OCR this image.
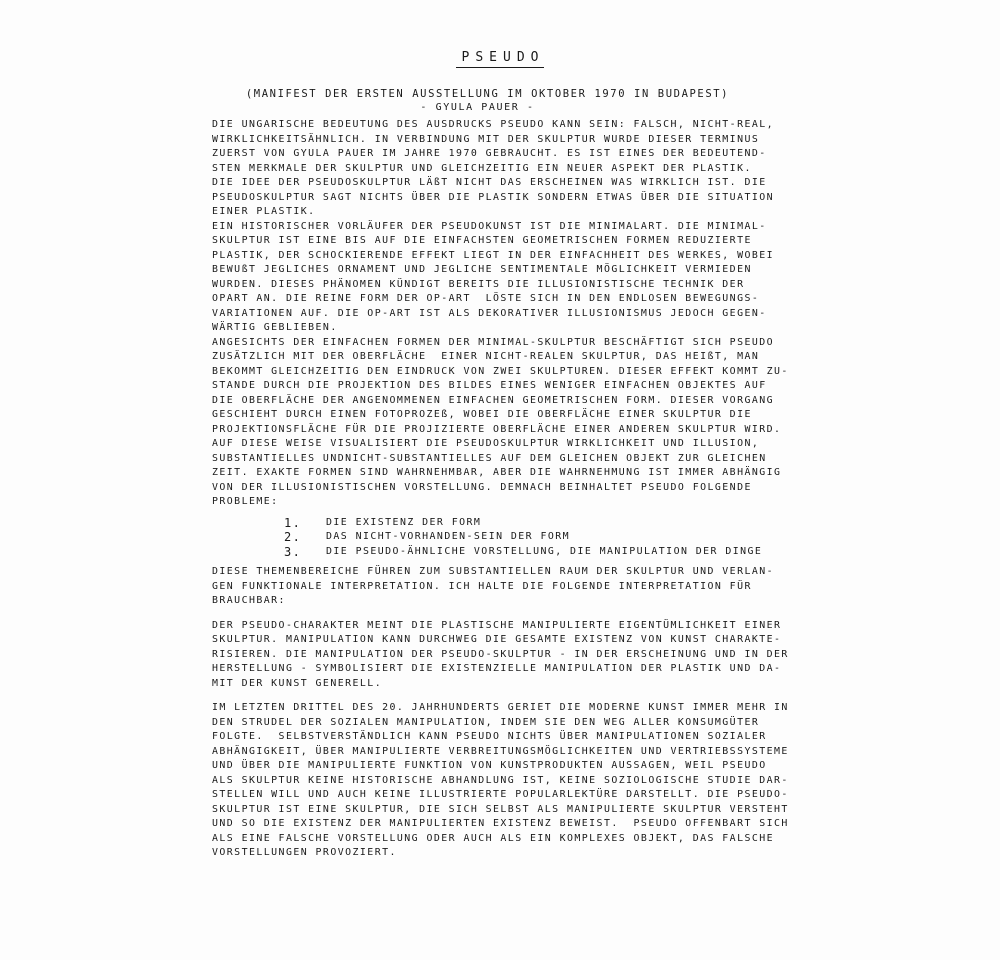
PSEUDO
(MANIFEST DER ERSTEN AUSSTELLUNG IM OKTOBER 1970 IN BUDAPEST)
- GYULA PAUER -
DIE UNGARISCHE BEDEUTUNG DES AUSDRUCKS PSEUDO KANN SEIN: FALSCH, NICHT-REAL,
WIRKLICHKEITSÄHNLICH. IN VERBINDUNG MIT DER SKULPTUR WURDE DIESER TERMINUS
ZUERST VON GYULA PAUER IM JAHRE 1970 GEBRAUCHT. ES IST EINES DER BEDEUTEND-
STEN MERKMALE DER SKULPTUR UND GLEICHZEITIG EIN NEUER ASPEKT DER PLASTIK.
DIE IDEE DER PSEUDOSKULPTUR LÄßT NICHT DAS ERSCHEINEN WAS WIRKLICH IST. DIE
PSEUDOSKULPTUR SAGT NICHTS ÜBER DIE PLASTIK SONDERN ETWAS ÜBER DIE SITUATION
EINER PLASTIK.
EIN HISTORISCHER VORLÄUFER DER PSEUDOKUNST IST DIE MINIMALART. DIE MINIMAL-
SKULPTUR IST EINE BIS AUF DIE EINFACHSTEN GEOMETRISCHEN FORMEN REDUZIERTE
PLASTIK, DER SCHOCKIERENDE EFFEKT LIEGT IN DER EINFACHHEIT DES WERKES, WOBEI
BEWUßT JEGLICHES ORNAMENT UND JEGLICHE SENTIMENTALE MÖGLICHKEIT VERMIEDEN
WURDEN. DIESES PHÄNOMEN KÜNDIGT BEREITS DIE ILLUSIONISTISCHE TECHNIK DER
OPART AN. DIE REINE FORM DER OP-ART  LÖSTE SICH IN DEN ENDLOSEN BEWEGUNGS-
VARIATIONEN AUF. DIE OP-ART IST ALS DEKORATIVER ILLUSIONISMUS JEDOCH GEGEN-
WÄRTIG GEBLIEBEN.
ANGESICHTS DER EINFACHEN FORMEN DER MINIMAL-SKULPTUR BESCHÄFTIGT SICH PSEUDO
ZUSÄTZLICH MIT DER OBERFLÄCHE  EINER NICHT-REALEN SKULPTUR, DAS HEIßT, MAN
BEKOMMT GLEICHZEITIG DEN EINDRUCK VON ZWEI SKULPTUREN. DIESER EFFEKT KOMMT ZU-
STANDE DURCH DIE PROJEKTION DES BILDES EINES WENIGER EINFACHEN OBJEKTES AUF
DIE OBERFLÄCHE DER ANGENOMMENEN EINFACHEN GEOMETRISCHEN FORM. DIESER VORGANG
GESCHIEHT DURCH EINEN FOTOPROZEß, WOBEI DIE OBERFLÄCHE EINER SKULPTUR DIE
PROJEKTIONSFLÄCHE FÜR DIE PROJIZIERTE OBERFLÄCHE EINER ANDEREN SKULPTUR WIRD.
AUF DIESE WEISE VISUALISIERT DIE PSEUDOSKULPTUR WIRKLICHKEIT UND ILLUSION,
SUBSTANTIELLES UNDNICHT-SUBSTANTIELLES AUF DEM GLEICHEN OBJEKT ZUR GLEICHEN
ZEIT. EXAKTE FORMEN SIND WAHRNEHMBAR, ABER DIE WAHRNEHMUNG IST IMMER ABHÄNGIG
VON DER ILLUSIONISTISCHEN VORSTELLUNG. DEMNACH BEINHALTET PSEUDO FOLGENDE
PROBLEME:
1. DIE EXISTENZ DER FORM
2. DAS NICHT-VORHANDEN-SEIN DER FORM
3. DIE PSEUDO-ÄHNLICHE VORSTELLUNG, DIE MANIPULATION DER DINGE
DIESE THEMENBEREICHE FÜHREN ZUM SUBSTANTIELLEN RAUM DER SKULPTUR UND VERLAN-
GEN FUNKTIONALE INTERPRETATION. ICH HALTE DIE FOLGENDE INTERPRETATION FÜR
BRAUCHBAR:
DER PSEUDO-CHARAKTER MEINT DIE PLASTISCHE MANIPULIERTE EIGENTÜMLICHKEIT EINER
SKULPTUR. MANIPULATION KANN DURCHWEG DIE GESAMTE EXISTENZ VON KUNST CHARAKTE-
RISIEREN. DIE MANIPULATION DER PSEUDO-SKULPTUR - IN DER ERSCHEINUNG UND IN DER
HERSTELLUNG - SYMBOLISIERT DIE EXISTENZIELLE MANIPULATION DER PLASTIK UND DA-
MIT DER KUNST GENERELL.
IM LETZTEN DRITTEL DES 20. JAHRHUNDERTS GERIET DIE MODERNE KUNST IMMER MEHR IN
DEN STRUDEL DER SOZIALEN MANIPULATION, INDEM SIE DEN WEG ALLER KONSUMGÜTER
FOLGTE.  SELBSTVERSTÄNDLICH KANN PSEUDO NICHTS ÜBER MANIPULATIONEN SOZIALER
ABHÄNGIGKEIT, ÜBER MANIPULIERTE VERBREITUNGSMÖGLICHKEITEN UND VERTRIEBSSYSTEME
UND ÜBER DIE MANIPULIERTE FUNKTION VON KUNSTPRODUKTEN AUSSAGEN, WEIL PSEUDO
ALS SKULPTUR KEINE HISTORISCHE ABHANDLUNG IST, KEINE SOZIOLOGISCHE STUDIE DAR-
STELLEN WILL UND AUCH KEINE ILLUSTRIERTE POPULARLEKTÜRE DARSTELLT. DIE PSEUDO-
SKULPTUR IST EINE SKULPTUR, DIE SICH SELBST ALS MANIPULIERTE SKULPTUR VERSTEHT
UND SO DIE EXISTENZ DER MANIPULIERTEN EXISTENZ BEWEIST.  PSEUDO OFFENBART SICH
ALS EINE FALSCHE VORSTELLUNG ODER AUCH ALS EIN KOMPLEXES OBJEKT, DAS FALSCHE
VORSTELLUNGEN PROVOZIERT.
